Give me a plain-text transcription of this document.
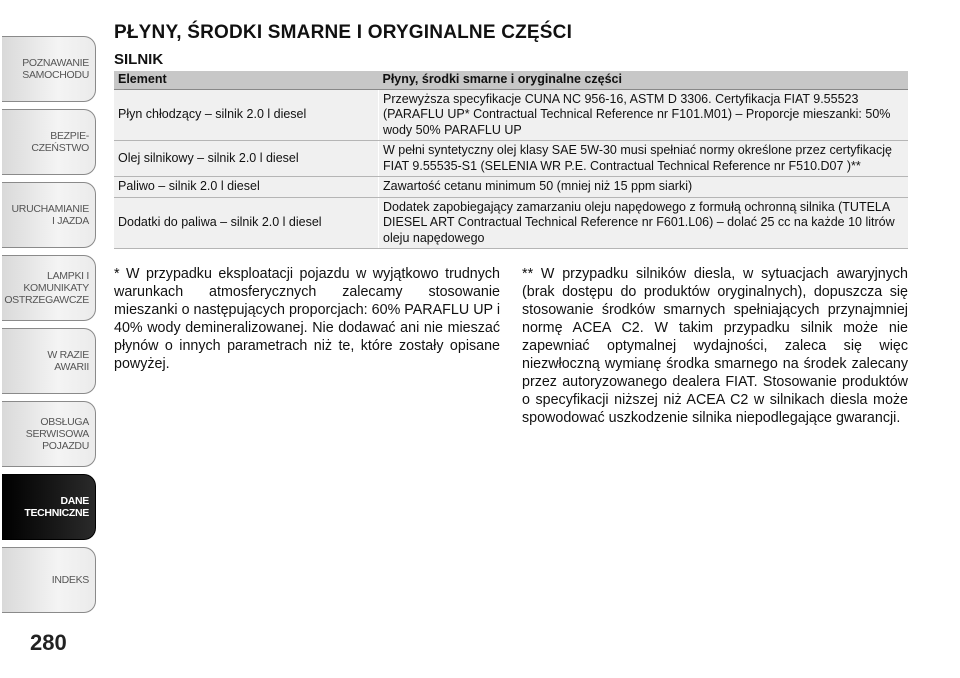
POZNAWANIE
SAMOCHODU
BEZPIE-
CZEŃSTWO
URUCHAMIANIE
I JAZDA
LAMPKI I
KOMUNIKATY
OSTRZEGAWCZE
W RAZIE
AWARII
OBSŁUGA
SERWISOWA
POJAZDU
DANE
TECHNICZNE
INDEKS
280
PŁYNY, ŚRODKI SMARNE I ORYGINALNE CZĘŚCI
SILNIK
Element	Płyny, środki smarne i oryginalne części
Płyn chłodzący – silnik 2.0 l diesel	Przewyższa specyfikacje CUNA NC 956-16, ASTM D 3306. Certyfikacja FIAT 9.55523 (PARAFLU UP* Contractual Technical Reference nr F101.M01) – Proporcje mieszanki: 50% wody 50% PARAFLU UP
Olej silnikowy – silnik 2.0 l diesel	W pełni syntetyczny olej klasy SAE 5W-30 musi spełniać normy określone przez certyfikację FIAT 9.55535-S1 (SELENIA WR P.E. Contractual Technical Reference nr F510.D07 )**
Paliwo – silnik 2.0 l diesel	Zawartość cetanu minimum 50 (mniej niż 15 ppm siarki)
Dodatki do paliwa – silnik 2.0 l diesel	Dodatek zapobiegający zamarzaniu oleju napędowego z formułą ochronną silnika (TUTELA DIESEL ART Contractual Technical Reference nr F601.L06) – dolać 25 cc na każde 10 litrów oleju napędowego

* W przypadku eksploatacji pojazdu w wyjątkowo trudnych warunkach atmosferycznych zalecamy stosowanie mieszanki o następujących proporcjach: 60% PARAFLU UP i 40% wody demineralizowanej. Nie dodawać ani nie mieszać płynów o innych parametrach niż te, które zostały opisane powyżej.

** W przypadku silników diesla, w sytuacjach awaryjnych (brak dostępu do produktów oryginalnych), dopuszcza się stosowanie środków smarnych spełniających przynajmniej normę ACEA C2. W takim przypadku silnik może nie zapewniać optymalnej wydajności, zaleca się więc niezwłoczną wymianę środka smarnego na środek zalecany przez autoryzowanego dealera FIAT. Stosowanie produktów o specyfikacji niższej niż ACEA C2 w silnikach diesla może spowodować uszkodzenie silnika niepodlegające gwarancji.
